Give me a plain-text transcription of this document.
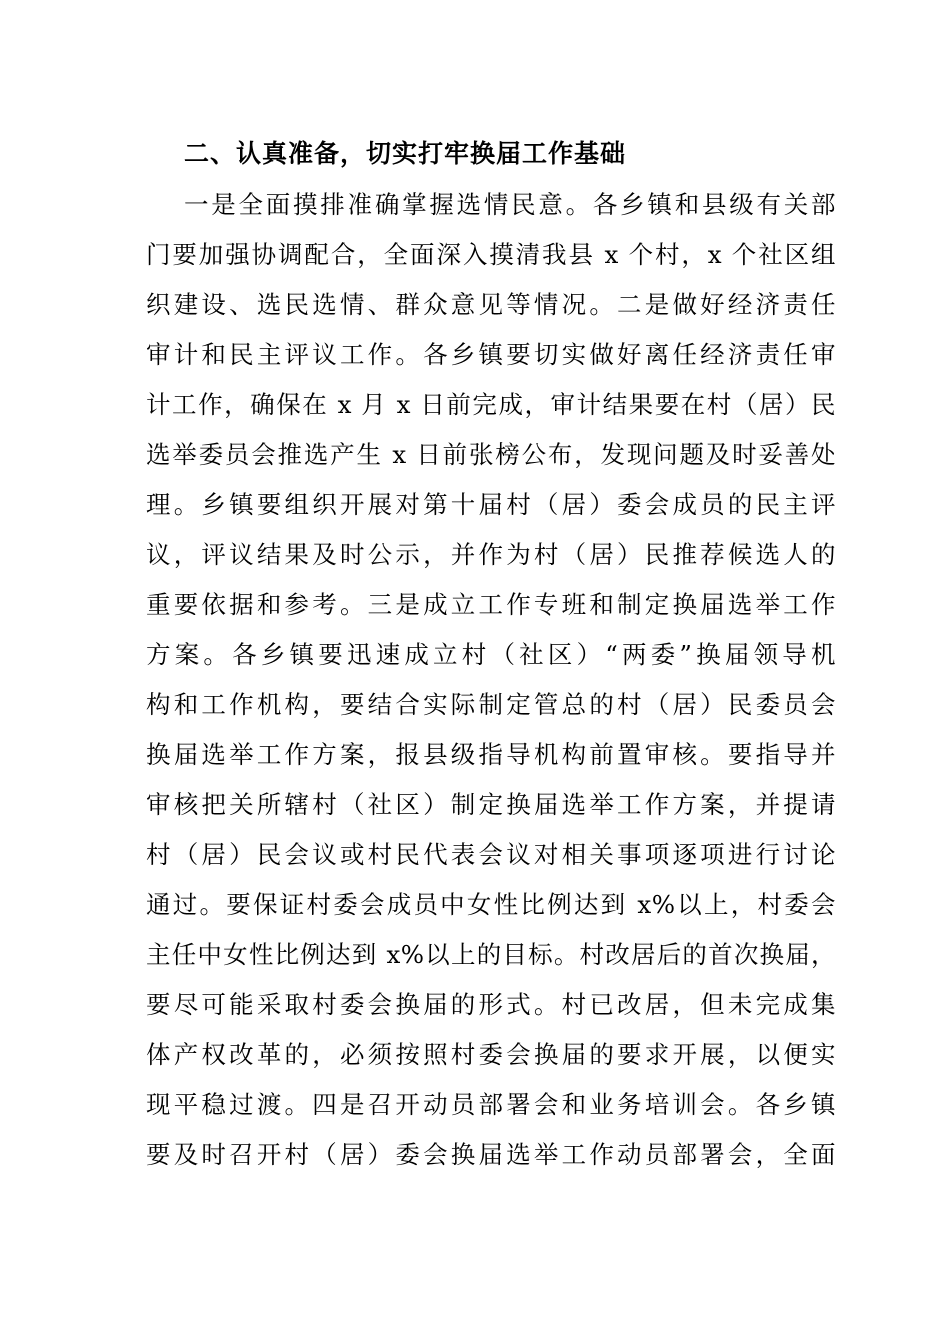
二、认真准备，切实打牢换届工作基础
一是全面摸排准确掌握选情民意。各乡镇和县级有关部
门要加强协调配合，全面深入摸清我县 x 个村，x 个社区组
织建设、选民选情、群众意见等情况。二是做好经济责任
审计和民主评议工作。各乡镇要切实做好离任经济责任审
计工作，确保在 x 月 x 日前完成，审计结果要在村（居）民
选举委员会推选产生 x 日前张榜公布，发现问题及时妥善处
理。乡镇要组织开展对第十届村（居）委会成员的民主评
议，评议结果及时公示，并作为村（居）民推荐候选人的
重要依据和参考。三是成立工作专班和制定换届选举工作
方案。各乡镇要迅速成立村（社区）“两委”换届领导机
构和工作机构，要结合实际制定管总的村（居）民委员会
换届选举工作方案，报县级指导机构前置审核。要指导并
审核把关所辖村（社区）制定换届选举工作方案，并提请
村（居）民会议或村民代表会议对相关事项逐项进行讨论
通过。要保证村委会成员中女性比例达到 x%以上，村委会
主任中女性比例达到 x%以上的目标。村改居后的首次换届，
要尽可能采取村委会换届的形式。村已改居，但未完成集
体产权改革的，必须按照村委会换届的要求开展，以便实
现平稳过渡。四是召开动员部署会和业务培训会。各乡镇
要及时召开村（居）委会换届选举工作动员部署会，全面
